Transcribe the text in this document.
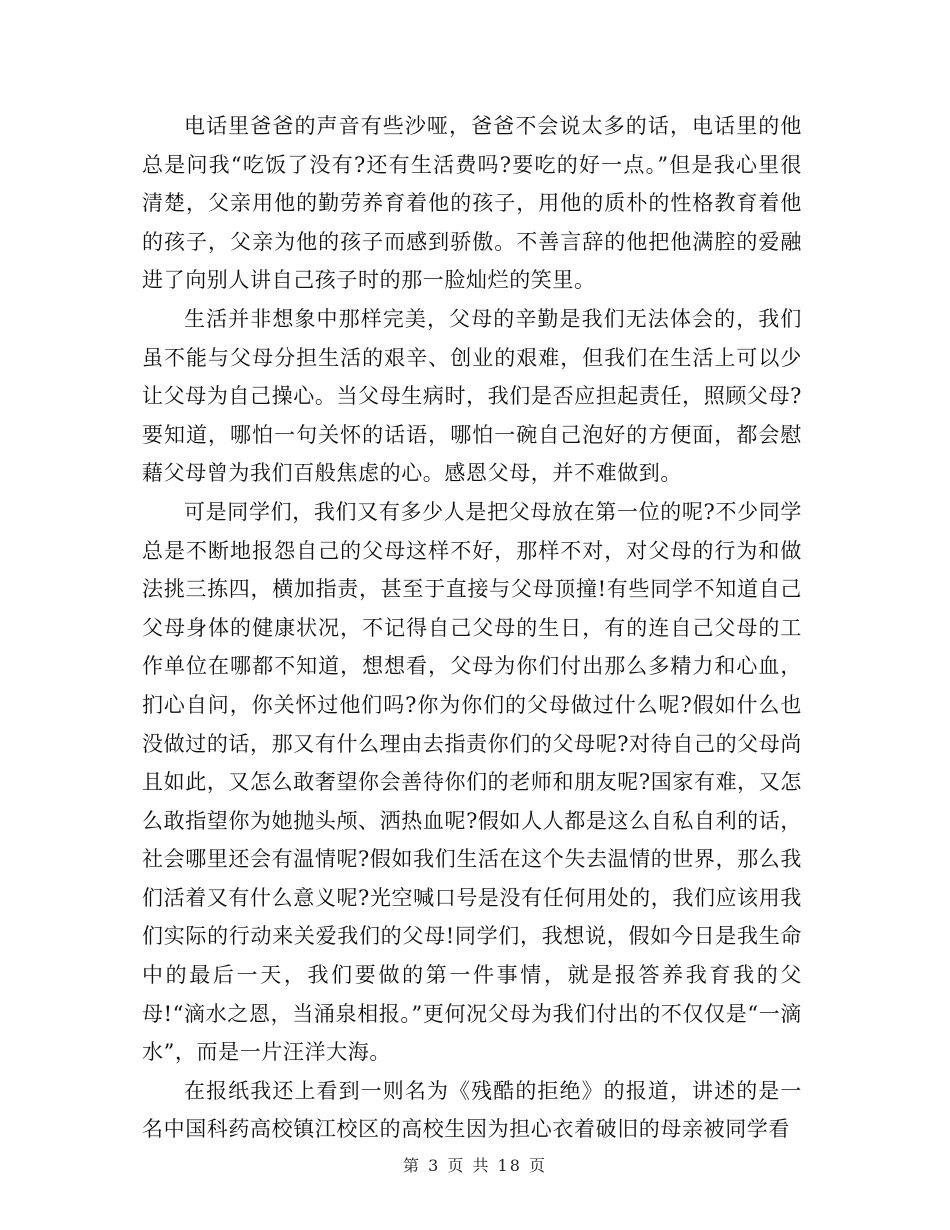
电话里爸爸的声音有些沙哑，爸爸不会说太多的话，电话里的他总是问我“吃饭了没有?还有生活费吗?要吃的好一点。”但是我心里很清楚，父亲用他的勤劳养育着他的孩子，用他的质朴的性格教育着他的孩子，父亲为他的孩子而感到骄傲。不善言辞的他把他满腔的爱融进了向别人讲自己孩子时的那一脸灿烂的笑里。

生活并非想象中那样完美，父母的辛勤是我们无法体会的，我们虽不能与父母分担生活的艰辛、创业的艰难，但我们在生活上可以少让父母为自己操心。当父母生病时，我们是否应担起责任，照顾父母?要知道，哪怕一句关怀的话语，哪怕一碗自己泡好的方便面，都会慰藉父母曾为我们百般焦虑的心。感恩父母，并不难做到。

可是同学们，我们又有多少人是把父母放在第一位的呢?不少同学总是不断地报怨自己的父母这样不好，那样不对，对父母的行为和做法挑三拣四，横加指责，甚至于直接与父母顶撞!有些同学不知道自己父母身体的健康状况，不记得自己父母的生日，有的连自己父母的工作单位在哪都不知道，想想看，父母为你们付出那么多精力和心血，扪心自问，你关怀过他们吗?你为你们的父母做过什么呢?假如什么也没做过的话，那又有什么理由去指责你们的父母呢?对待自己的父母尚且如此，又怎么敢奢望你会善待你们的老师和朋友呢?国家有难，又怎么敢指望你为她抛头颅、洒热血呢?假如人人都是这么自私自利的话，社会哪里还会有温情呢?假如我们生活在这个失去温情的世界，那么我们活着又有什么意义呢?光空喊口号是没有任何用处的，我们应该用我们实际的行动来关爱我们的父母!同学们，我想说，假如今日是我生命中的最后一天，我们要做的第一件事情，就是报答养我育我的父母!“滴水之恩，当涌泉相报。”更何况父母为我们付出的不仅仅是“一滴水”，而是一片汪洋大海。

在报纸我还上看到一则名为《残酷的拒绝》的报道，讲述的是一名中国科药高校镇江校区的高校生因为担心衣着破旧的母亲被同学看

第 3 页 共 18 页
